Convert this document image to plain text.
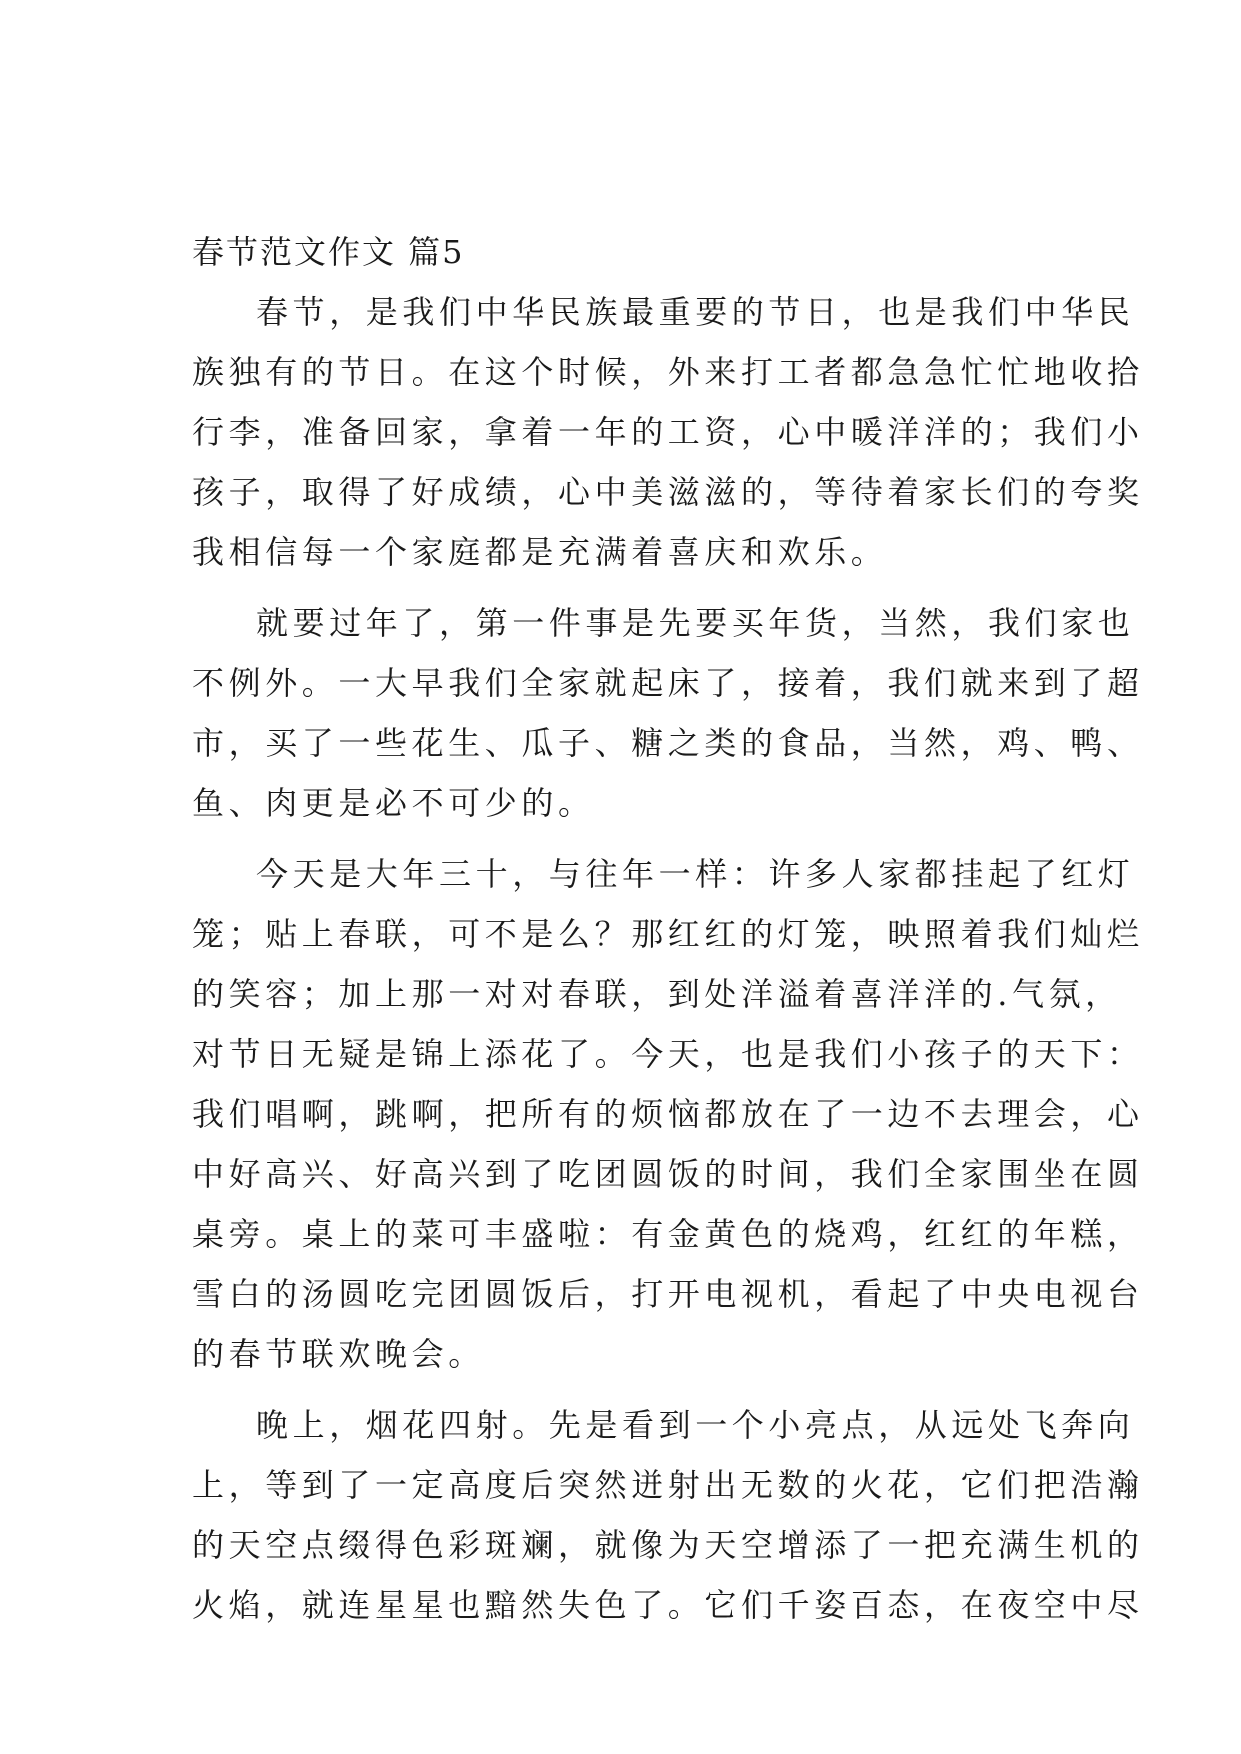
春节范文作文 篇5
春节，是我们中华民族最重要的节日，也是我们中华民
族独有的节日。在这个时候，外来打工者都急急忙忙地收拾
行李，准备回家，拿着一年的工资，心中暖洋洋的；我们小
孩子，取得了好成绩，心中美滋滋的，等待着家长们的夸奖
我相信每一个家庭都是充满着喜庆和欢乐。
就要过年了，第一件事是先要买年货，当然，我们家也
不例外。一大早我们全家就起床了，接着，我们就来到了超
市，买了一些花生、瓜子、糖之类的食品，当然，鸡、鸭、
鱼、肉更是必不可少的。
今天是大年三十，与往年一样：许多人家都挂起了红灯
笼；贴上春联，可不是么？那红红的灯笼，映照着我们灿烂
的笑容；加上那一对对春联，到处洋溢着喜洋洋的.气氛，
对节日无疑是锦上添花了。今天，也是我们小孩子的天下：
我们唱啊，跳啊，把所有的烦恼都放在了一边不去理会，心
中好高兴、好高兴到了吃团圆饭的时间，我们全家围坐在圆
桌旁。桌上的菜可丰盛啦：有金黄色的烧鸡，红红的年糕，
雪白的汤圆吃完团圆饭后，打开电视机，看起了中央电视台
的春节联欢晚会。
晚上，烟花四射。先是看到一个小亮点，从远处飞奔向
上，等到了一定高度后突然迸射出无数的火花，它们把浩瀚
的天空点缀得色彩斑斓，就像为天空增添了一把充满生机的
火焰，就连星星也黯然失色了。它们千姿百态，在夜空中尽
